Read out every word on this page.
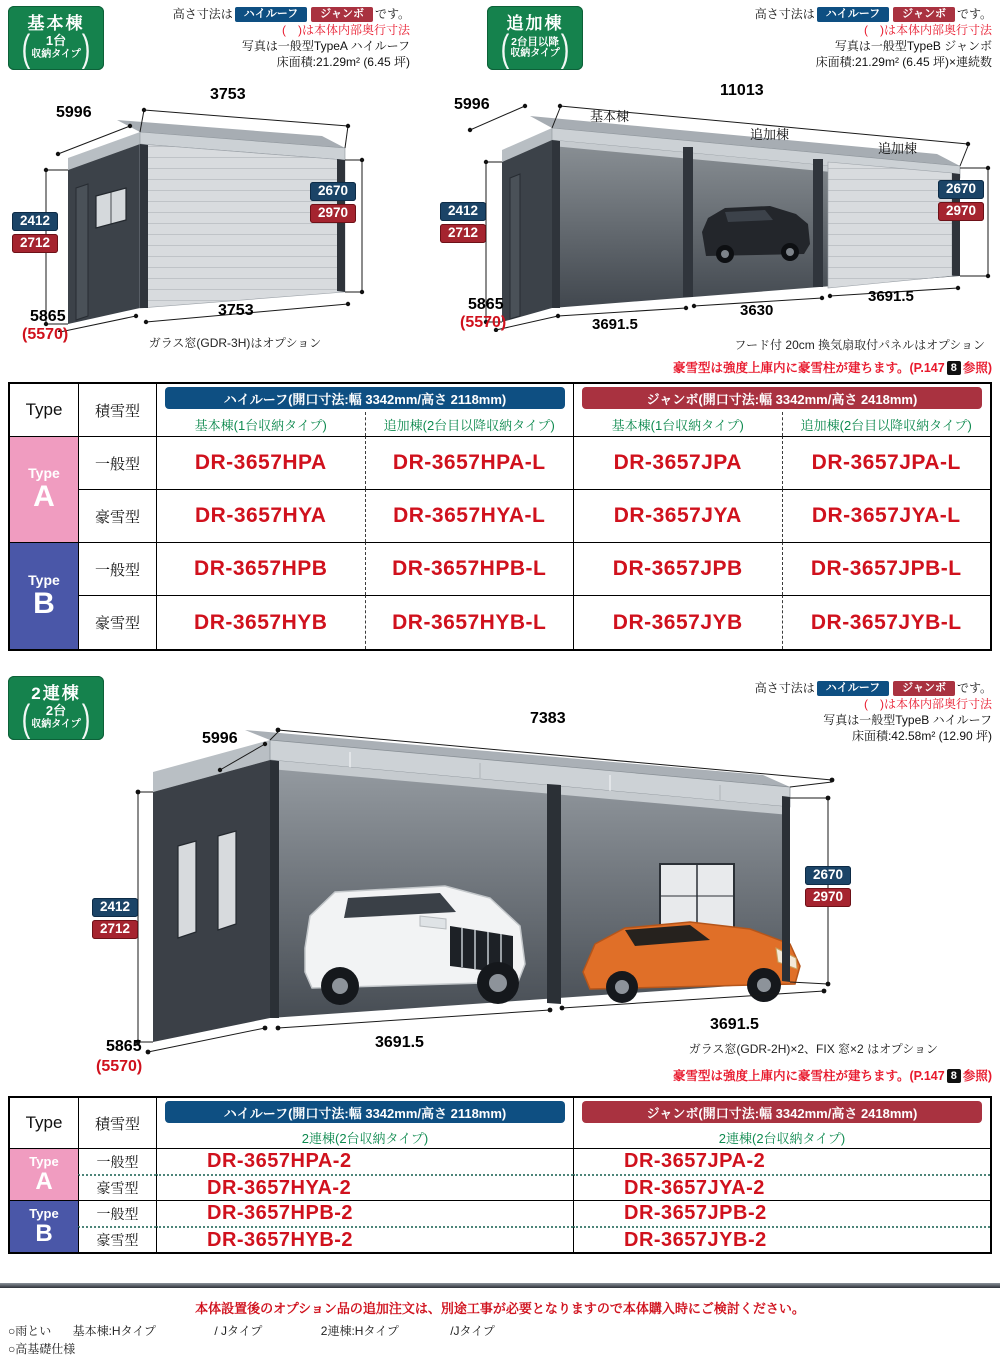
基本棟
( 1台
収納タイプ )
高さ寸法は ハイルーフ ジャンボ です。
(　)は本体内部奥行寸法
写真は一般型TypeA ハイルーフ
床面積:21.29m² (6.45 坪)
3753
5996
2412
2712
2670
2970
5865
(5570)
3753
ガラス窓(GDR-3H)はオプション
追加棟
( 2台目以降
収納タイプ )
高さ寸法は ハイルーフ ジャンボ です。
(　)は本体内部奥行寸法
写真は一般型TypeB ジャンボ
床面積:21.29m² (6.45 坪)×連続数
5996
11013
基本棟
追加棟
追加棟
2412
2712
2670
2970
5865
(5570)	3691.5
3630
3691.5
フード付 20cm 換気扇取付パネルはオプション
豪雪型は強度上庫内に豪雪柱が建ちます。(P.147 8 参照)
Type	積雪型
ハイルーフ(開口寸法:幅 3342mm/高さ 2118mm)	ジャンボ(開口寸法:幅 3342mm/高さ 2418mm)
基本棟(1台収納タイプ)	追加棟(2台目以降収納タイプ)	基本棟(1台収納タイプ)	追加棟(2台目以降収納タイプ)
Type
A
一般型	DR-3657HPA	DR-3657HPA-L	DR-3657JPA	DR-3657JPA-L
豪雪型	DR-3657HYA	DR-3657HYA-L	DR-3657JYA	DR-3657JYA-L
Type
B
一般型	DR-3657HPB	DR-3657HPB-L	DR-3657JPB	DR-3657JPB-L
豪雪型	DR-3657HYB	DR-3657HYB-L	DR-3657JYB	DR-3657JYB-L
2連棟
( 2台
収納タイプ )
高さ寸法は ハイルーフ ジャンボ です。
(　)は本体内部奥行寸法
写真は一般型TypeB ハイルーフ
床面積:42.58m² (12.90 坪)
5996
7383
2412
2712
2670
2970
5865
(5570)
3691.5
3691.5
ガラス窓(GDR-2H)×2、FIX 窓×2 はオプション
豪雪型は強度上庫内に豪雪柱が建ちます。(P.147 8 参照)
Type	積雪型
ハイルーフ(開口寸法:幅 3342mm/高さ 2118mm)	ジャンボ(開口寸法:幅 3342mm/高さ 2418mm)
2連棟(2台収納タイプ)	2連棟(2台収納タイプ)
Type
A
一般型	DR-3657HPA-2	DR-3657JPA-2
豪雪型	DR-3657HYA-2	DR-3657JYA-2
Type
B
一般型	DR-3657HPB-2	DR-3657JPB-2
豪雪型	DR-3657HYB-2	DR-3657JYB-2
本体設置後のオプション品の追加注文は、別途工事が必要となりますので本体購入時にご検討ください。
○雨とい 基本棟:Hタイプ	/ Jタイプ	2連棟:Hタイプ	/Jタイプ
○高基礎仕様
